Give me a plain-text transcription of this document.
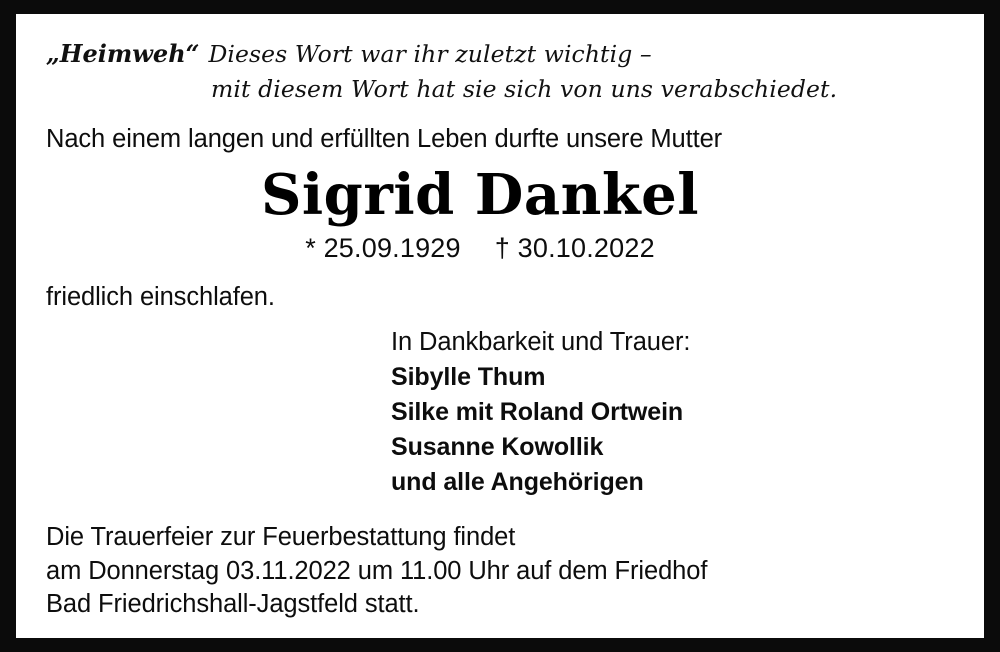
„Heimweh“ Dieses Wort war ihr zuletzt wichtig –
mit diesem Wort hat sie sich von uns verabschiedet.
Nach einem langen und erfüllten Leben durfte unsere Mutter
Sigrid Dankel
* 25.09.1929 † 30.10.2022
friedlich einschlafen.
In Dankbarkeit und Trauer:
Sibylle Thum
Silke mit Roland Ortwein
Susanne Kowollik
und alle Angehörigen
Die Trauerfeier zur Feuerbestattung findet
am Donnerstag 03.11.2022 um 11.00 Uhr auf dem Friedhof
Bad Friedrichshall-Jagstfeld statt.
